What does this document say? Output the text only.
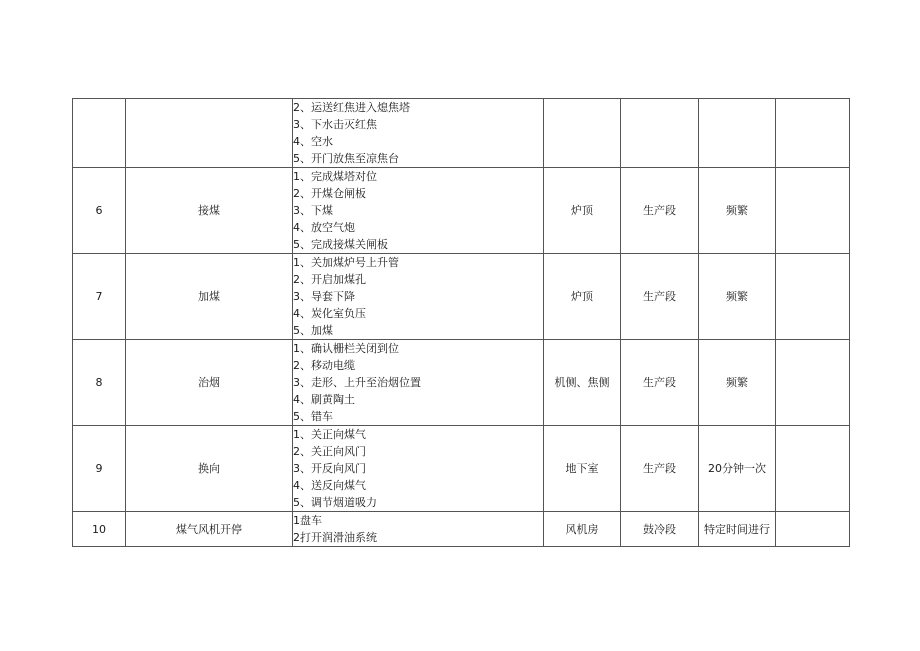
		2、运送红焦进入熄焦塔
3、下水击灭红焦
4、空水
5、开门放焦至凉焦台				

6	接煤	1、完成煤塔对位
2、开煤仓闸板
3、下煤
4、放空气炮
5、完成接煤关闸板	炉顶	生产段	频繁	
7	加煤	1、关加煤炉号上升管
2、开启加煤孔
3、导套下降
4、炭化室负压
5、加煤	炉顶	生产段	频繁	
8	治烟	1、确认栅栏关闭到位
2、移动电缆
3、走形、上升至治烟位置
4、刷黄陶土
5、错车	机侧、焦侧	生产段	频繁	
9	换向	1、关正向煤气
2、关正向风门
3、开反向风门
4、送反向煤气
5、调节烟道吸力	地下室	生产段	20分钟一次	
10	煤气风机开停	1盘车
2打开润滑油系统	风机房	鼓冷段	特定时间进行	
